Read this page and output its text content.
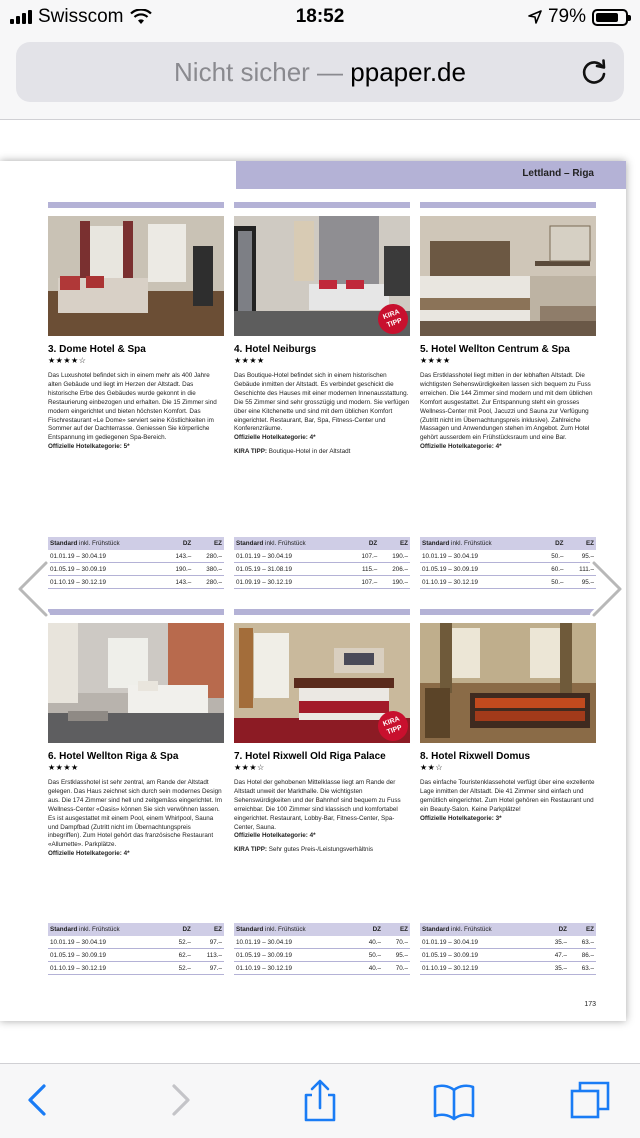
Swisscom	18:52	79%
Nicht sicher — ppaper.de
Lettland – Riga
3. Dome Hotel & Spa
★★★★☆
Das Luxushotel befindet sich in einem mehr als 400 Jahre alten Gebäude und liegt im Herzen der Altstadt. Das historische Erbe des Gebäudes wurde gekonnt in die Restaurierung einbezogen und erhalten. Die 15 Zimmer sind modern eingerichtet und bieten höchsten Komfort. Das Fischrestaurant «Le Dome» serviert seine Köstlichkeiten im Sommer auf der Dachterrasse. Geniessen Sie körperliche Entspannung im gediegenen Spa-Bereich.
Offizielle Hotelkategorie: 5*
KIRA TIPP
4. Hotel Neiburgs
★★★★
Das Boutique-Hotel befindet sich in einem historischen Gebäude inmitten der Altstadt. Es verbindet geschickt die Geschichte des Hauses mit einer modernen Innenausstattung. Die 55 Zimmer sind sehr grosszügig und modern. Sie verfügen über eine Kitchenette und sind mit dem üblichen Komfort eingerichtet. Restaurant, Bar, Spa, Fitness-Center und Konferenzräume.
Offizielle Hotelkategorie: 4*
KIRA TIPP: Boutique-Hotel in der Altstadt
5. Hotel Wellton Centrum & Spa
★★★★
Das Erstklasshotel liegt mitten in der lebhaften Altstadt. Die wichtigsten Sehenswürdigkeiten lassen sich bequem zu Fuss erreichen. Die 144 Zimmer sind modern und mit dem üblichen Komfort ausgestattet. Zur Entspannung steht ein grosses Wellness-Center mit Pool, Jacuzzi und Sauna zur Verfügung (Zutritt nicht im Übernachtungspreis inklusive). Zahlreiche Massagen und Anwendungen stehen im Angebot. Zum Hotel gehört ausserdem ein Frühstücksraum und eine Bar.
Offizielle Hotelkategorie: 4*
Standard inkl. Frühstück	DZ	EZ
01.01.19 – 30.04.19	143.–	280.–
01.05.19 – 30.09.19	190.–	380.–
01.10.19 – 30.12.19	143.–	280.–
Standard inkl. Frühstück	DZ	EZ
01.01.19 – 30.04.19	107.–	190.–
01.05.19 – 31.08.19	115.–	206.–
01.09.19 – 30.12.19	107.–	190.–
Standard inkl. Frühstück	DZ	EZ
10.01.19 – 30.04.19	50.–	95.–
01.05.19 – 30.09.19	60.–	111.–
01.10.19 – 30.12.19	50.–	95.–
6. Hotel Wellton Riga & Spa
★★★★
Das Erstklasshotel ist sehr zentral, am Rande der Altstadt gelegen. Das Haus zeichnet sich durch sein modernes Design aus. Die 174 Zimmer sind hell und zeitgemäss eingerichtet. Im Wellness-Center «Oasis» können Sie sich verwöhnen lassen. Es ist ausgestattet mit einem Pool, einem Whirlpool, Sauna und Dampfbad (Zutritt nicht im Übernachtungspreis inbegriffen). Zum Hotel gehört das französische Restaurant «Allumette». Parkplätze.
Offizielle Hotelkategorie: 4*
KIRA TIPP
7. Hotel Rixwell Old Riga Palace
★★★☆
Das Hotel der gehobenen Mittelklasse liegt am Rande der Altstadt unweit der Markthalle. Die wichtigsten Sehenswürdigkeiten und der Bahnhof sind bequem zu Fuss erreichbar. Die 100 Zimmer sind klassisch und komfortabel eingerichtet. Restaurant, Lobby-Bar, Fitness-Center, Spa-Center, Sauna.
Offizielle Hotelkategorie: 4*
KIRA TIPP: Sehr gutes Preis-/Leistungsverhältnis
8. Hotel Rixwell Domus
★★☆
Das einfache Touristenklassehotel verfügt über eine exzellente Lage inmitten der Altstadt. Die 41 Zimmer sind einfach und gemütlich eingerichtet. Zum Hotel gehören ein Restaurant und ein Beauty-Salon. Keine Parkplätze!
Offizielle Hotelkategorie: 3*
Standard inkl. Frühstück	DZ	EZ
10.01.19 – 30.04.19	52.–	97.–
01.05.19 – 30.09.19	62.–	113.–
01.10.19 – 30.12.19	52.–	97.–
Standard inkl. Frühstück	DZ	EZ
10.01.19 – 30.04.19	40.–	70.–
01.05.19 – 30.09.19	50.–	95.–
01.10.19 – 30.12.19	40.–	70.–
Standard inkl. Frühstück	DZ	EZ
01.01.19 – 30.04.19	35.–	63.–
01.05.19 – 30.09.19	47.–	86.–
01.10.19 – 30.12.19	35.–	63.–
173
